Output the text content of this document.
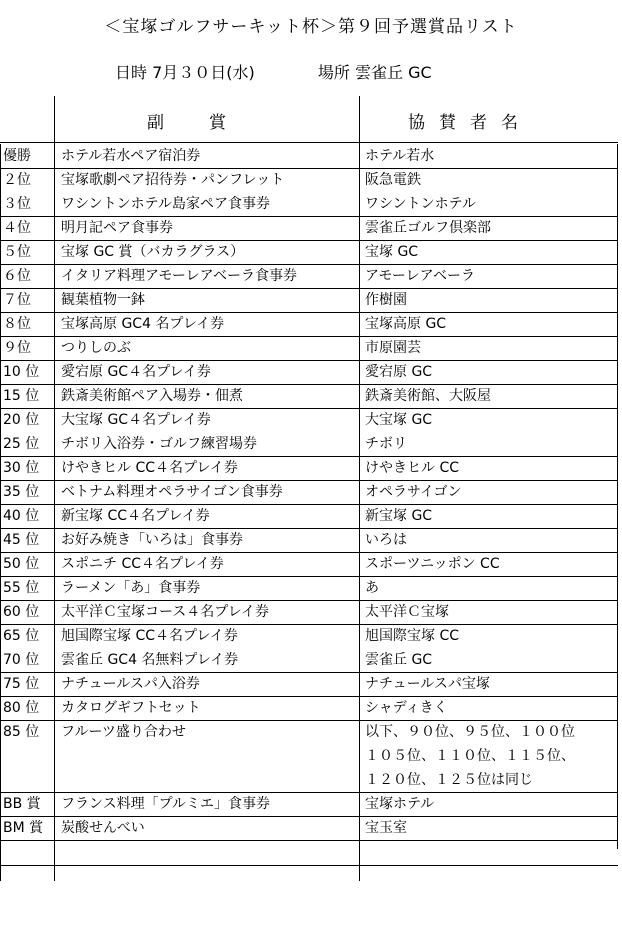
＜宝塚ゴルフサーキット杯＞第９回予選賞品リスト
日時 7月３０日(水)	場所 雲雀丘 GC
副　賞	協賛者名
優勝 ホテル若水ペア宿泊券	ホテル若水
２位 宝塚歌劇ペア招待券・パンフレット	阪急電鉄
３位 ワシントンホテル島家ペア食事券	ワシントンホテル
４位 明月記ペア食事券	雲雀丘ゴルフ倶楽部
５位 宝塚 GC 賞（バカラグラス）	宝塚 GC
６位 イタリア料理アモーレアベーラ食事券	アモーレアベーラ
７位 観葉植物一鉢	作樹園
８位 宝塚高原 GC4 名プレイ券	宝塚高原 GC
９位 つりしのぶ	市原園芸
10 位 愛宕原 GC４名プレイ券	愛宕原 GC
15 位 鉄斎美術館ペア入場券・佃煮	鉄斎美術館、大阪屋
20 位 大宝塚 GC４名プレイ券	大宝塚 GC
25 位 チボリ入浴券・ゴルフ練習場券	チボリ
30 位 けやきヒル CC４名プレイ券	けやきヒル CC
35 位 ベトナム料理オペラサイゴン食事券	オペラサイゴン
40 位 新宝塚 CC４名プレイ券	新宝塚 GC
45 位 お好み焼き「いろは」食事券	いろは
50 位 スポニチ CC４名プレイ券	スポーツニッポン CC
55 位 ラーメン「あ」食事券	あ
60 位 太平洋Ｃ宝塚コース４名プレイ券	太平洋Ｃ宝塚
65 位 旭国際宝塚 CC４名プレイ券	旭国際宝塚 CC
70 位 雲雀丘 GC4 名無料プレイ券	雲雀丘 GC
75 位 ナチュールスパ入浴券	ナチュールスパ宝塚
80 位 カタログギフトセット	シャディきく
85 位 フルーツ盛り合わせ	以下、９０位、９５位、１００位
１０５位、１１０位、１１５位、
１２０位、１２５位は同じ
BB 賞 フランス料理「プルミエ」食事券	宝塚ホテル
BM 賞 炭酸せんべい	宝玉室
